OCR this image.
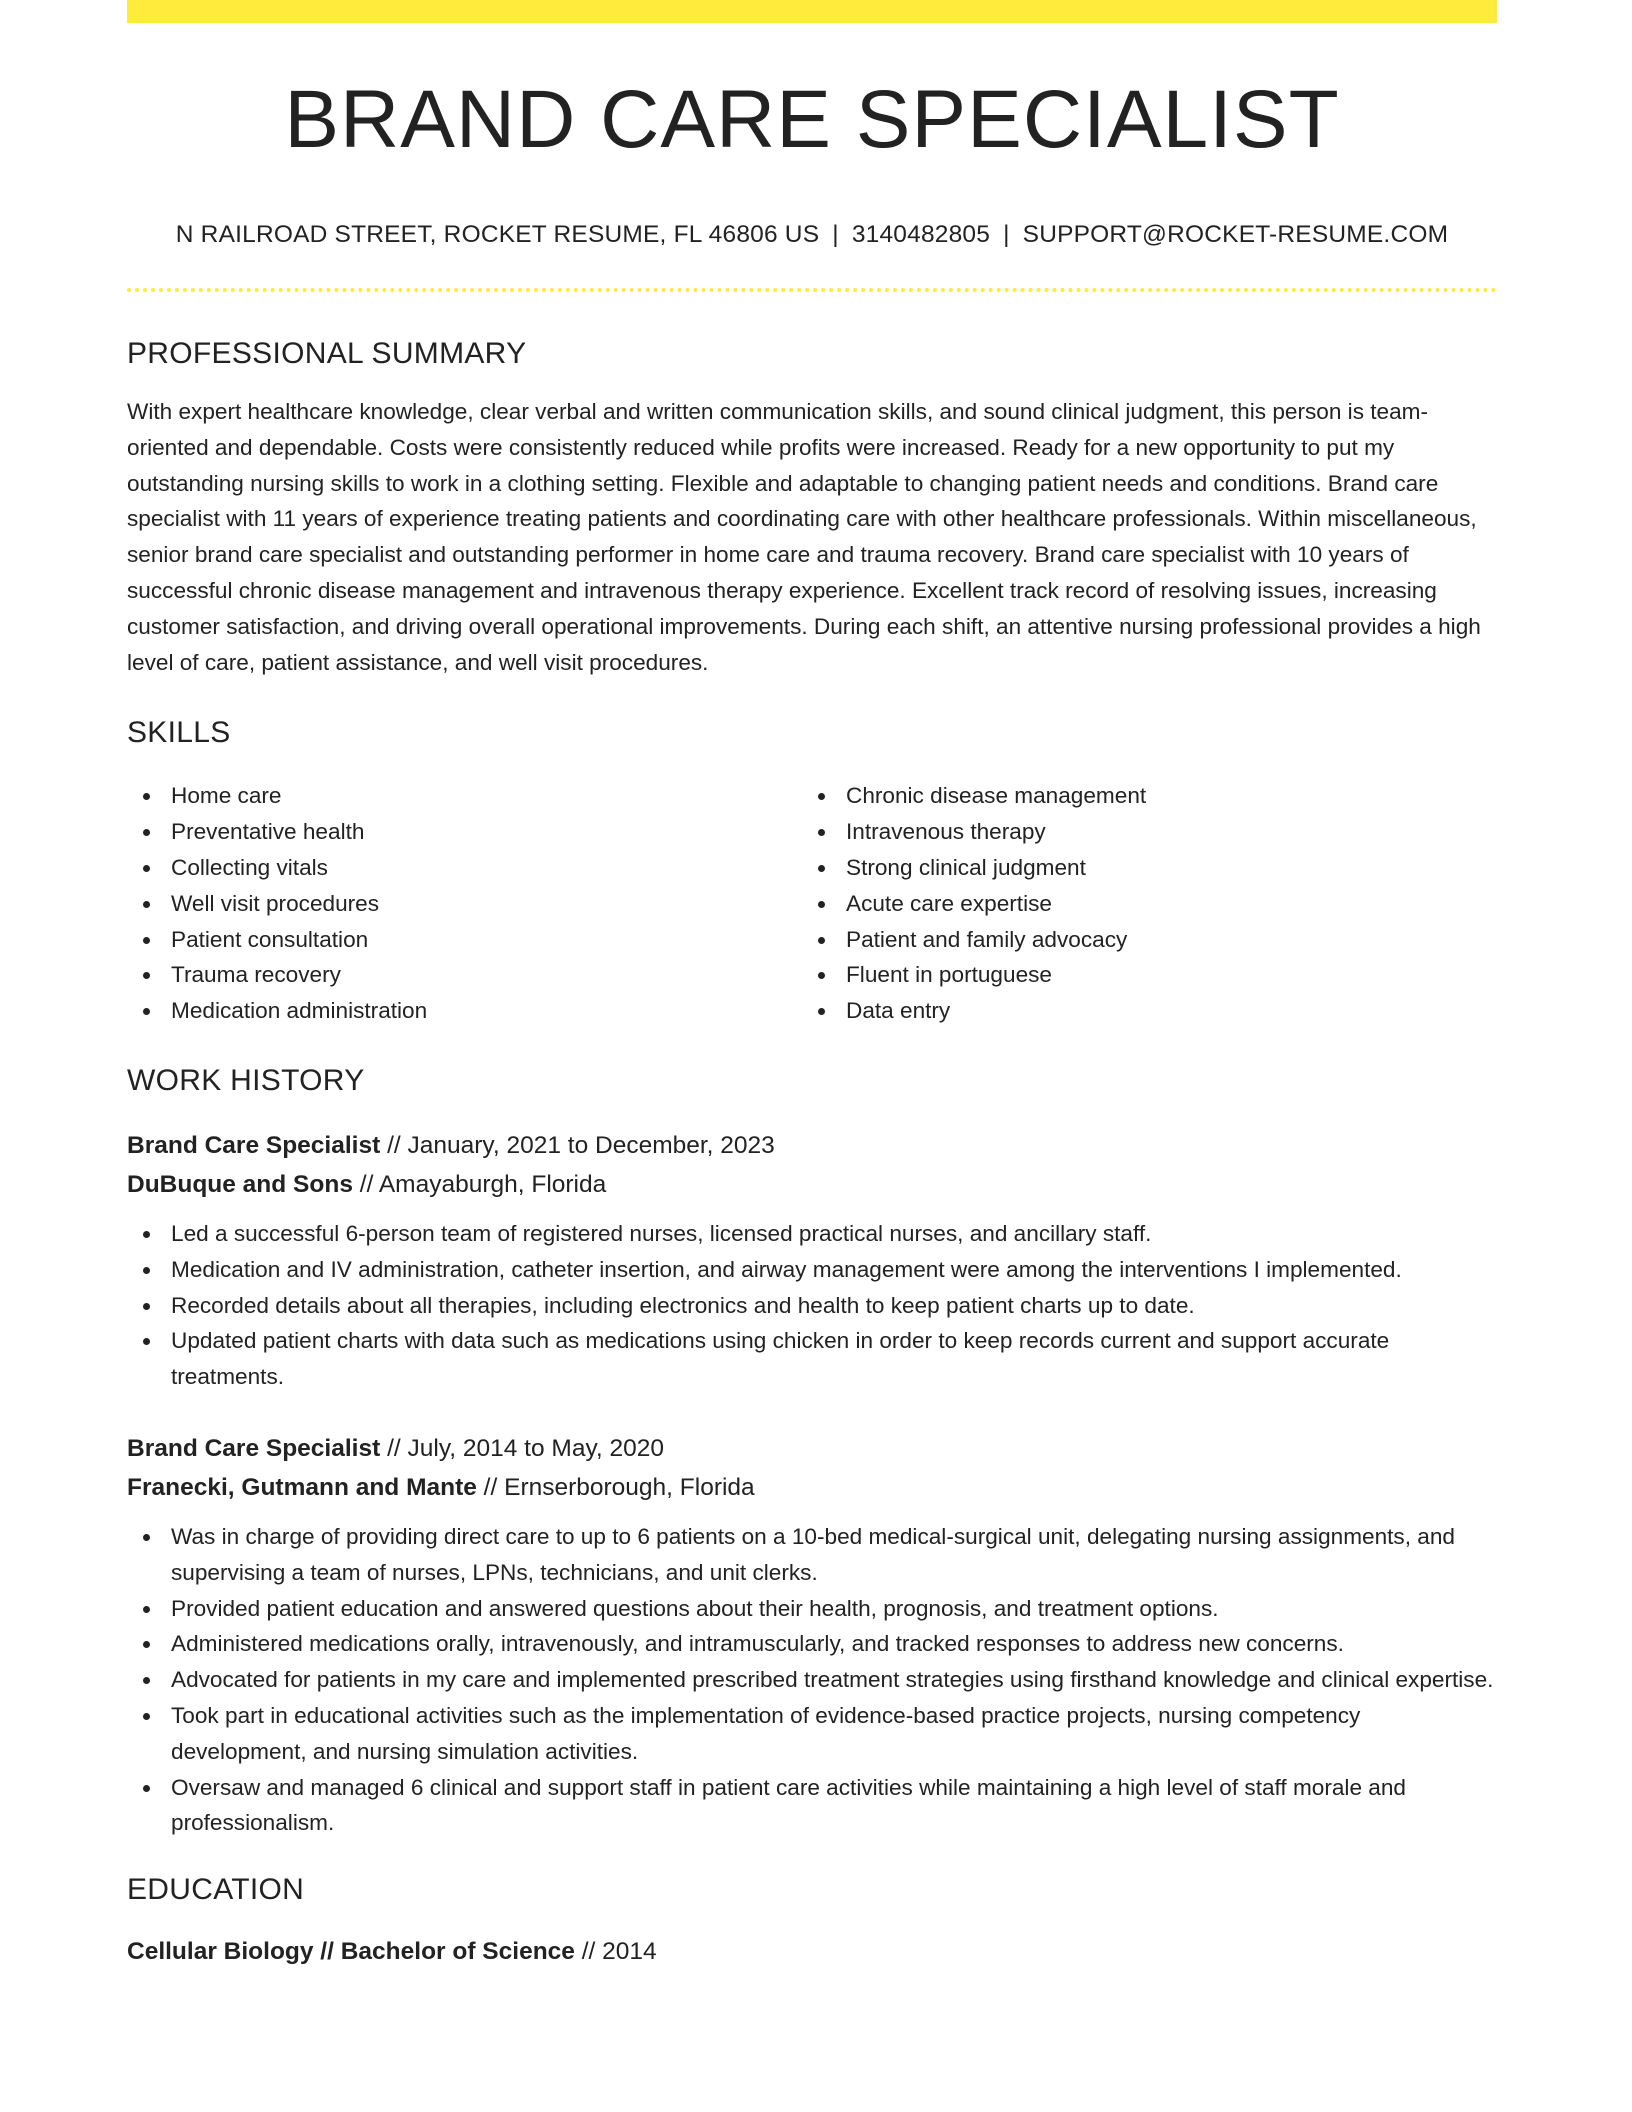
BRAND CARE SPECIALIST
N RAILROAD STREET, ROCKET RESUME, FL 46806 US | 3140482805 | SUPPORT@ROCKET-RESUME.COM
PROFESSIONAL SUMMARY

With expert healthcare knowledge, clear verbal and written communication skills, and sound clinical judgment, this person is team-oriented and dependable. Costs were consistently reduced while profits were increased. Ready for a new opportunity to put my outstanding nursing skills to work in a clothing setting. Flexible and adaptable to changing patient needs and conditions. Brand care specialist with 11 years of experience treating patients and coordinating care with other healthcare professionals. Within miscellaneous, senior brand care specialist and outstanding performer in home care and trauma recovery. Brand care specialist with 10 years of successful chronic disease management and intravenous therapy experience. Excellent track record of resolving issues, increasing customer satisfaction, and driving overall operational improvements. During each shift, an attentive nursing professional provides a high level of care, patient assistance, and well visit procedures.

SKILLS
Home care
Preventative health
Collecting vitals
Well visit procedures
Patient consultation
Trauma recovery
Medication administration
Chronic disease management
Intravenous therapy
Strong clinical judgment
Acute care expertise
Patient and family advocacy
Fluent in portuguese
Data entry
WORK HISTORY
Brand Care Specialist // January, 2021 to December, 2023
DuBuque and Sons // Amayaburgh, Florida
Led a successful 6-person team of registered nurses, licensed practical nurses, and ancillary staff.
Medication and IV administration, catheter insertion, and airway management were among the interventions I implemented.
Recorded details about all therapies, including electronics and health to keep patient charts up to date.
Updated patient charts with data such as medications using chicken in order to keep records current and support accurate treatments.
Brand Care Specialist // July, 2014 to May, 2020
Franecki, Gutmann and Mante // Ernserborough, Florida
Was in charge of providing direct care to up to 6 patients on a 10-bed medical-surgical unit, delegating nursing assignments, and supervising a team of nurses, LPNs, technicians, and unit clerks.
Provided patient education and answered questions about their health, prognosis, and treatment options.
Administered medications orally, intravenously, and intramuscularly, and tracked responses to address new concerns.
Advocated for patients in my care and implemented prescribed treatment strategies using firsthand knowledge and clinical expertise.
Took part in educational activities such as the implementation of evidence-based practice projects, nursing competency development, and nursing simulation activities.
Oversaw and managed 6 clinical and support staff in patient care activities while maintaining a high level of staff morale and professionalism.
EDUCATION
Cellular Biology // Bachelor of Science // 2014
